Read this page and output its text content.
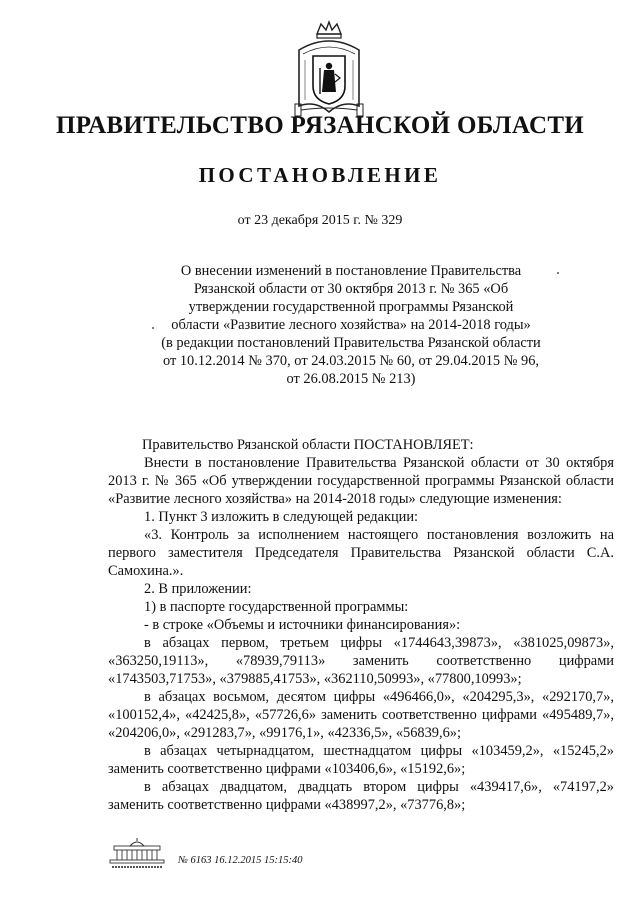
ПРАВИТЕЛЬСТВО РЯЗАНСКОЙ ОБЛАСТИ
ПОСТАНОВЛЕНИЕ
от 23 декабря 2015 г. № 329
О внесении изменений в постановление Правительства
Рязанской области от 30 октября 2013 г. № 365 «Об
утверждении государственной программы Рязанской
области «Развитие лесного хозяйства» на 2014-2018 годы»
(в редакции постановлений Правительства Рязанской области
от 10.12.2014 № 370, от 24.03.2015 № 60, от 29.04.2015 № 96,
от 26.08.2015 № 213)

Правительство Рязанской области ПОСТАНОВЛЯЕТ:

Внести в постановление Правительства Рязанской области от 30 октября 2013 г. № 365 «Об утверждении государственной программы Рязанской области «Развитие лесного хозяйства» на 2014-2018 годы» следующие изменения:

1. Пункт 3 изложить в следующей редакции:

«3. Контроль за исполнением настоящего постановления возложить на первого заместителя Председателя Правительства Рязанской области С.А. Самохина.».

2. В приложении:

1) в паспорте государственной программы:

- в строке «Объемы и источники финансирования»:

в абзацах первом, третьем цифры «1744643,39873», «381025,09873», «363250,19113», «78939,79113» заменить соответственно цифрами «1743503,71753», «379885,41753», «362110,50993», «77800,10993»;

в абзацах восьмом, десятом цифры «496466,0», «204295,3», «292170,7», «100152,4», «42425,8», «57726,6» заменить соответственно цифрами «495489,7», «204206,0», «291283,7», «99176,1», «42336,5», «56839,6»;

в абзацах четырнадцатом, шестнадцатом цифры «103459,2», «15245,2» заменить соответственно цифрами «103406,6», «15192,6»;

в абзацах двадцатом, двадцать втором цифры «439417,6», «74197,2» заменить соответственно цифрами «438997,2», «73776,8»;

№ 6163 16.12.2015 15:15:40
